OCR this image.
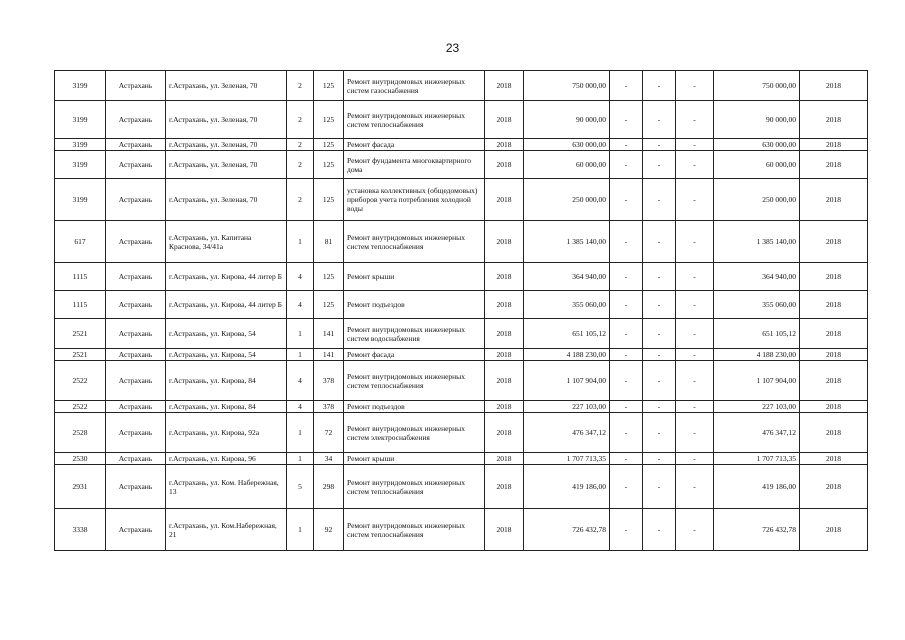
23
3199	Астрахань	г.Астрахань, ул. Зеленая, 70	2	125	Ремонт внутридомовых инженерных систем газоснабжения	2018	750 000,00	-	-	-	750 000,00	2018
3199	Астрахань	г.Астрахань, ул. Зеленая, 70	2	125	Ремонт внутридомовых инженерных систем теплоснабжения	2018	90 000,00	-	-	-	90 000,00	2018
3199	Астрахань	г.Астрахань, ул. Зеленая, 70	2	125	Ремонт фасада	2018	630 000,00	-	-	-	630 000,00	2018
3199	Астрахань	г.Астрахань, ул. Зеленая, 70	2	125	Ремонт фундамента многоквартирного дома	2018	60 000,00	-	-	-	60 000,00	2018
3199	Астрахань	г.Астрахань, ул. Зеленая, 70	2	125	установка коллективных (общедомовых) приборов учета потребления холодной воды	2018	250 000,00	-	-	-	250 000,00	2018
617	Астрахань	г.Астрахань, ул. Капитана Краснова, 34/41а	1	81	Ремонт внутридомовых инженерных систем теплоснабжения	2018	1 385 140,00	-	-	-	1 385 140,00	2018
1115	Астрахань	г.Астрахань, ул. Кирова, 44 литер Б	4	125	Ремонт крыши	2018	364 940,00	-	-	-	364 940,00	2018
1115	Астрахань	г.Астрахань, ул. Кирова, 44 литер Б	4	125	Ремонт подъездов	2018	355 060,00	-	-	-	355 060,00	2018
2521	Астрахань	г.Астрахань, ул. Кирова, 54	1	141	Ремонт внутридомовых инженерных систем водоснабжения	2018	651 105,12	-	-	-	651 105,12	2018
2521	Астрахань	г.Астрахань, ул. Кирова, 54	1	141	Ремонт фасада	2018	4 188 230,00	-	-	-	4 188 230,00	2018
2522	Астрахань	г.Астрахань, ул. Кирова, 84	4	378	Ремонт внутридомовых инженерных систем теплоснабжения	2018	1 107 904,00	-	-	-	1 107 904,00	2018
2522	Астрахань	г.Астрахань, ул. Кирова, 84	4	378	Ремонт подъездов	2018	227 103,00	-	-	-	227 103,00	2018
2528	Астрахань	г.Астрахань, ул. Кирова, 92а	1	72	Ремонт внутридомовых инженерных систем электроснабжения	2018	476 347,12	-	-	-	476 347,12	2018
2530	Астрахань	г.Астрахань, ул. Кирова, 96	1	34	Ремонт крыши	2018	1 707 713,35	-	-	-	1 707 713,35	2018
2931	Астрахань	г.Астрахань, ул. Ком. Набережная, 13	5	298	Ремонт внутридомовых инженерных систем теплоснабжения	2018	419 186,00	-	-	-	419 186,00	2018
3338	Астрахань	г.Астрахань, ул. Ком.Набережная, 21	1	92	Ремонт внутридомовых инженерных систем теплоснабжения	2018	726 432,78	-	-	-	726 432,78	2018
